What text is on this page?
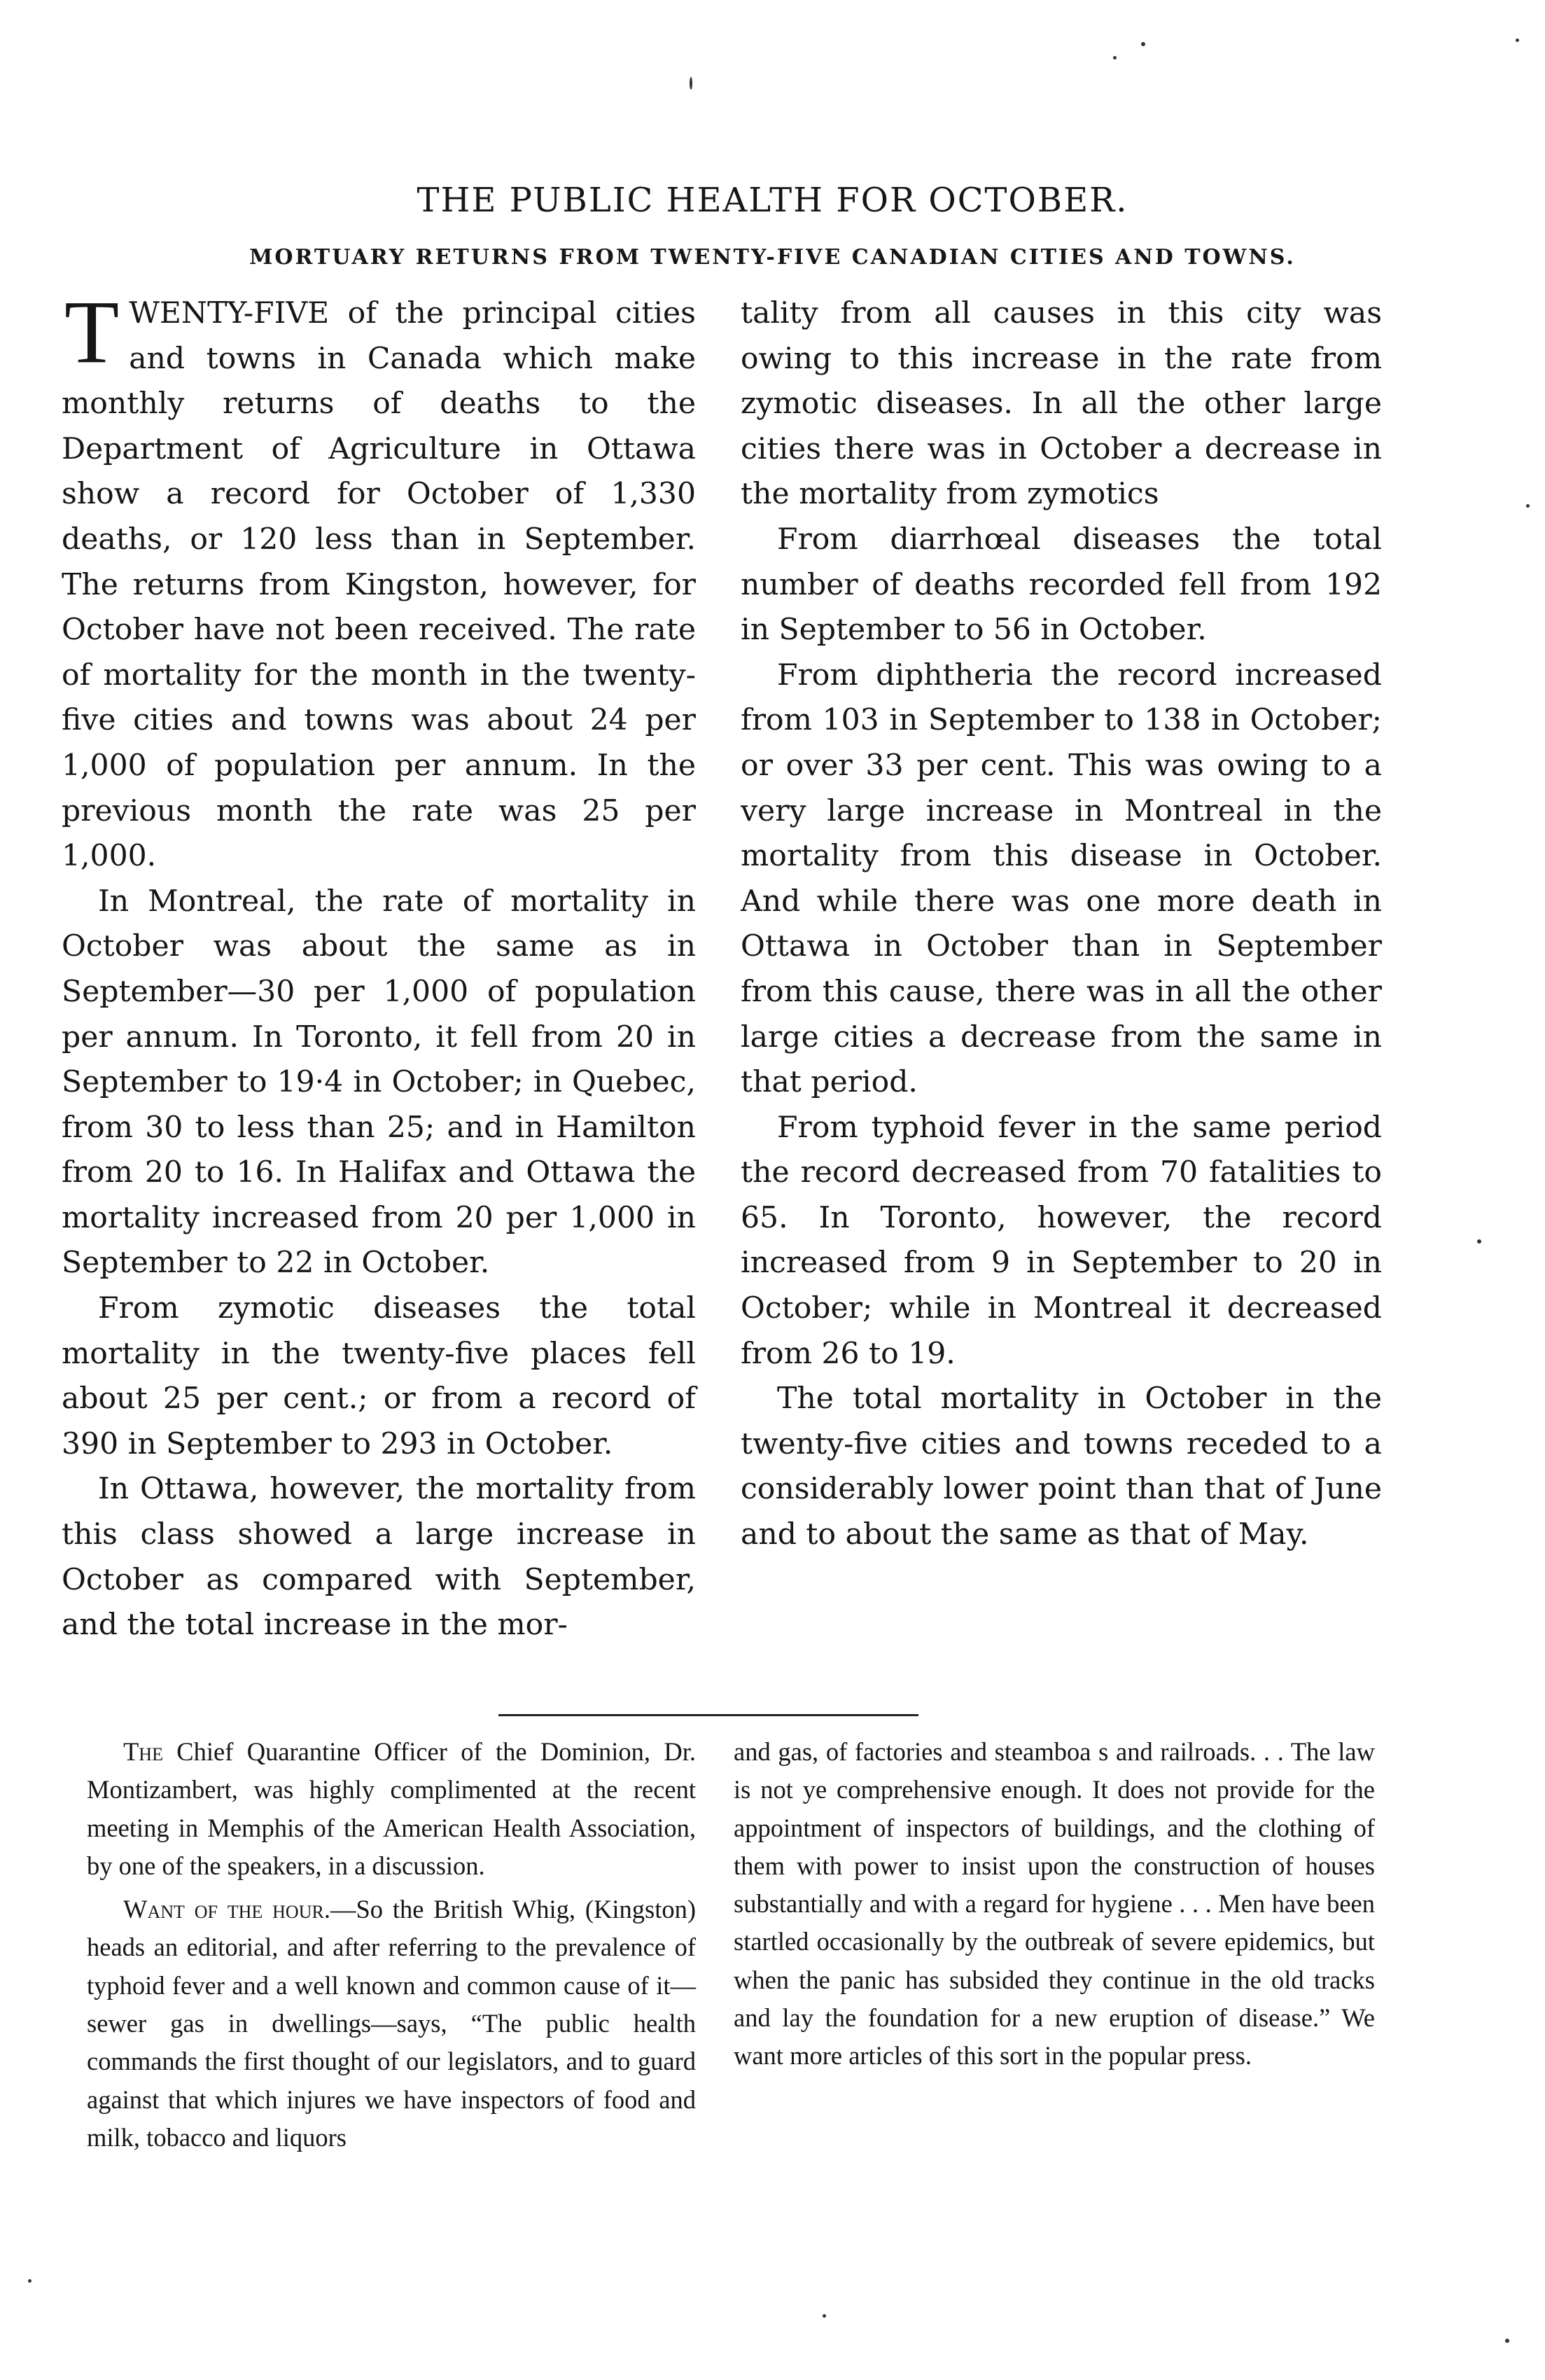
THE PUBLIC HEALTH FOR OCTOBER.
MORTUARY RETURNS FROM TWENTY-FIVE CANADIAN CITIES AND TOWNS.

TWENTY-FIVE of the principal cities and towns in Canada which make monthly returns of deaths to the Department of Agriculture in Ottawa show a record for October of 1,330 deaths, or 120 less than in September. The returns from Kingston, however, for October have not been received. The rate of mortality for the month in the twenty-five cities and towns was about 24 per 1,000 of population per annum. In the previous month the rate was 25 per 1,000.

In Montreal, the rate of mortality in October was about the same as in September—30 per 1,000 of population per annum. In Toronto, it fell from 20 in September to 19·4 in October; in Quebec, from 30 to less than 25; and in Hamilton from 20 to 16. In Halifax and Ottawa the mortality increased from 20 per 1,000 in September to 22 in October.

From zymotic diseases the total mortality in the twenty-five places fell about 25 per cent.; or from a record of 390 in September to 293 in October.

In Ottawa, however, the mortality from this class showed a large increase in October as compared with September, and the total increase in the mor-

tality from all causes in this city was owing to this increase in the rate from zymotic diseases. In all the other large cities there was in October a decrease in the mortality from zymotics

From diarrhœal diseases the total number of deaths recorded fell from 192 in September to 56 in October.

From diphtheria the record increased from 103 in September to 138 in October; or over 33 per cent. This was owing to a very large increase in Montreal in the mortality from this disease in October. And while there was one more death in Ottawa in October than in September from this cause, there was in all the other large cities a decrease from the same in that period.

From typhoid fever in the same period the record decreased from 70 fatalities to 65. In Toronto, however, the record increased from 9 in September to 20 in October; while in Montreal it decreased from 26 to 19.

The total mortality in October in the twenty-five cities and towns receded to a considerably lower point than that of June and to about the same as that of May.

The Chief Quarantine Officer of the Dominion, Dr. Montizambert, was highly complimented at the recent meeting in Memphis of the American Health Association, by one of the speakers, in a discussion.

Want of the hour.—So the British Whig, (Kingston) heads an editorial, and after referring to the prevalence of typhoid fever and a well known and common cause of it—sewer gas in dwellings—says, “The public health commands the first thought of our legislators, and to guard against that which injures we have inspectors of food and milk, tobacco and liquors

and gas, of factories and steamboa s and railroads. . . The law is not ye comprehensive enough. It does not provide for the appointment of inspectors of buildings, and the clothing of them with power to insist upon the construction of houses substantially and with a regard for hygiene . . . Men have been startled occasionally by the outbreak of severe epidemics, but when the panic has subsided they continue in the old tracks and lay the foundation for a new eruption of disease.” We want more articles of this sort in the popular press.
